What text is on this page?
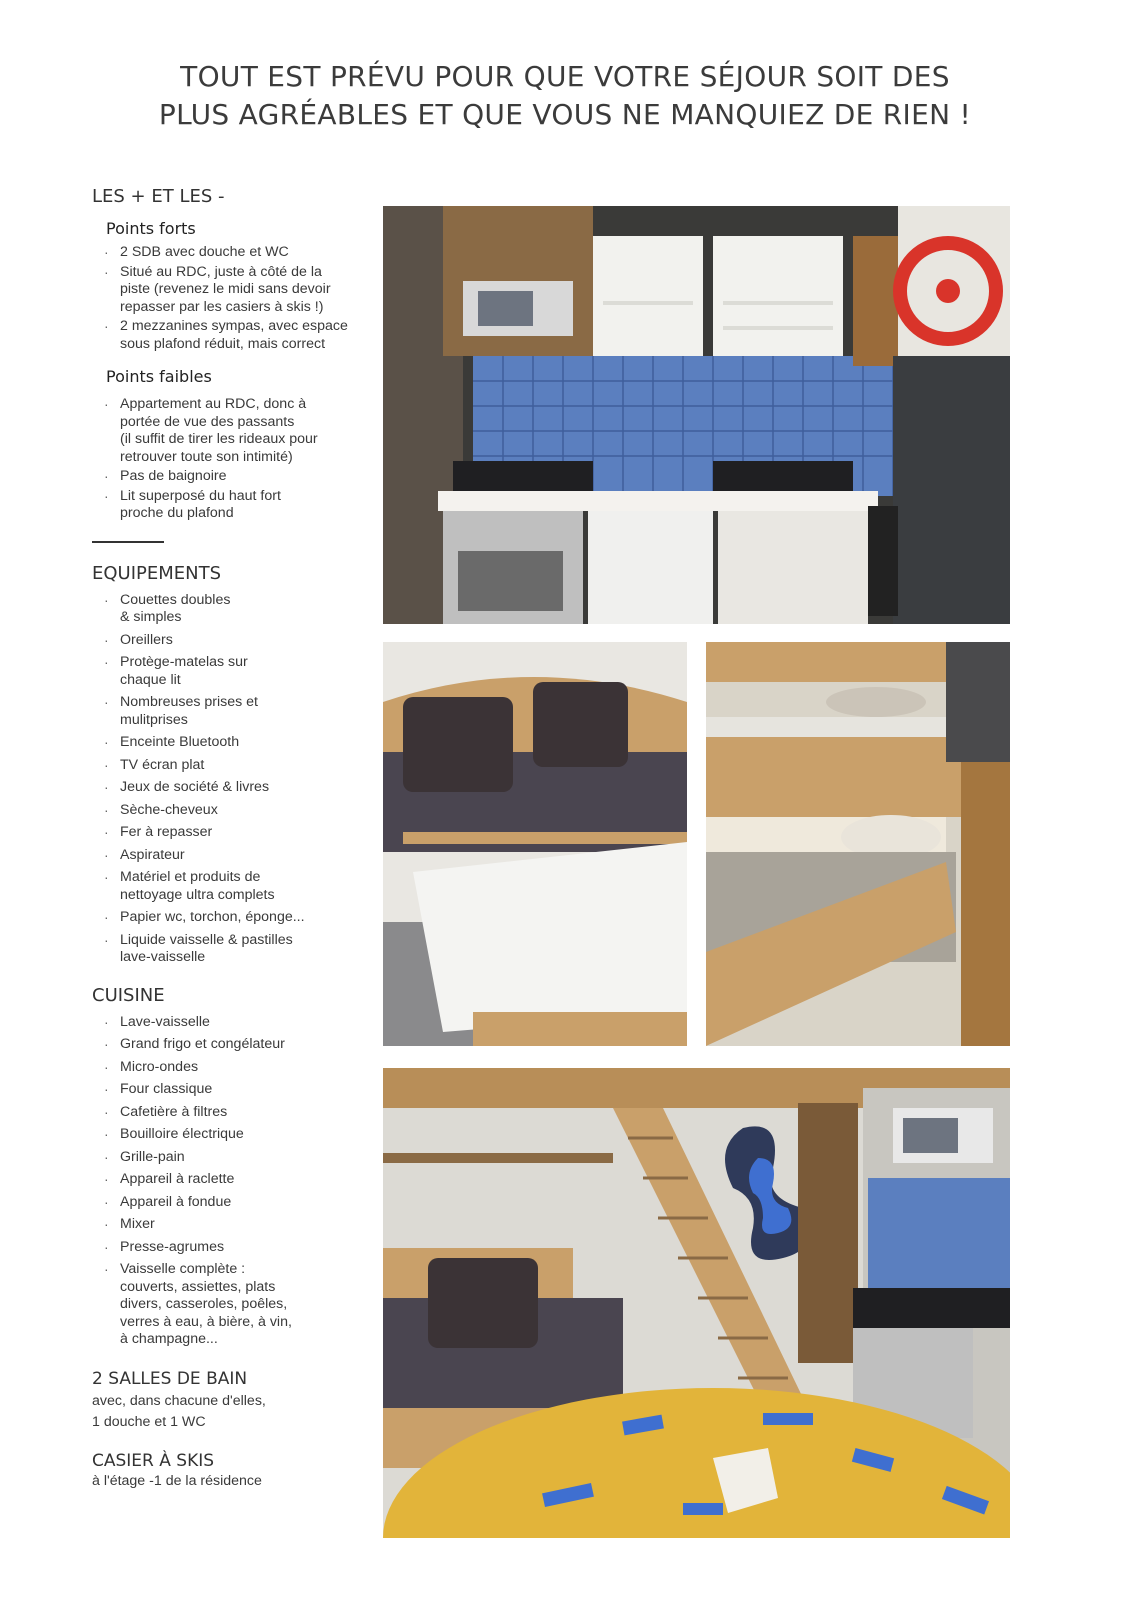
TOUT EST PRÉVU POUR QUE VOTRE SÉJOUR SOIT DES
PLUS AGRÉABLES ET QUE VOUS NE MANQUIEZ DE RIEN !
LES + ET LES -
Points forts
· 2 SDB avec douche et WC
· Situé au RDC, juste à côté de la
piste (revenez le midi sans devoir
repasser par les casiers à skis !)
· 2 mezzanines sympas, avec espace
sous plafond réduit, mais correct
Points faibles
· Appartement au RDC, donc à
portée de vue des passants
(il suffit de tirer les rideaux pour
retrouver toute son intimité)
· Pas de baignoire
· Lit superposé du haut fort
proche du plafond
EQUIPEMENTS
· Couettes doubles
& simples
· Oreillers
· Protège-matelas sur
chaque lit
· Nombreuses prises et
mulitprises
· Enceinte Bluetooth
· TV écran plat
· Jeux de société & livres
· Sèche-cheveux
· Fer à repasser
· Aspirateur
· Matériel et produits de
nettoyage ultra complets
· Papier wc, torchon, éponge...
· Liquide vaisselle & pastilles
lave-vaisselle
CUISINE
· Lave-vaisselle
· Grand frigo et congélateur
· Micro-ondes
· Four classique
· Cafetière à filtres
· Bouilloire électrique
· Grille-pain
· Appareil à raclette
· Appareil à fondue
· Mixer
· Presse-agrumes
· Vaisselle complète :
couverts, assiettes, plats
divers, casseroles, poêles,
verres à eau, à bière, à vin,
à champagne...
2 SALLES DE BAIN
avec, dans chacune d'elles,
1 douche et 1 WC
CASIER À SKIS
à l'étage -1 de la résidence
